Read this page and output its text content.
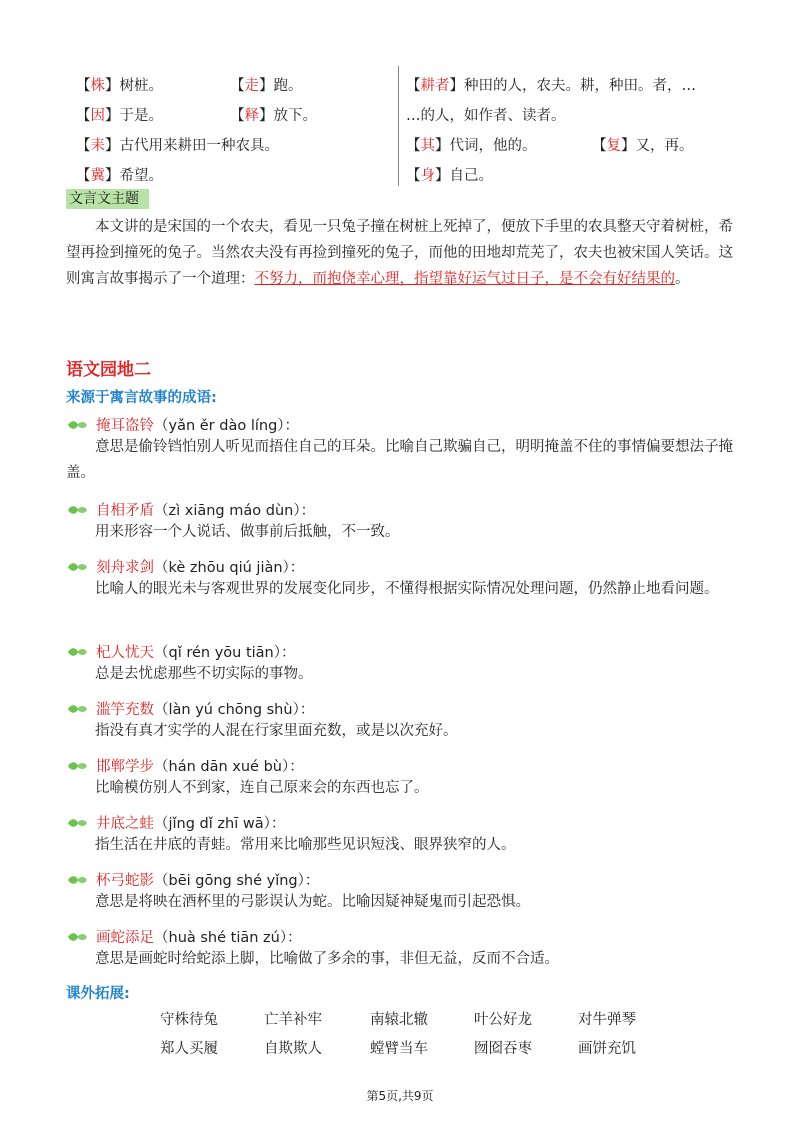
【株】树桩。	【走】跑。
【因】于是。	【释】放下。
【耒】古代用来耕田一种农具。
【冀】希望。
【耕者】种田的人，农夫。耕，种田。者，…
…的人，如作者、读者。
【其】代词，他的。	【复】又，再。
【身】自己。
文言文主题
本文讲的是宋国的一个农夫，看见一只兔子撞在树桩上死掉了，便放下手里的农具整天守着树桩，希望再捡到撞死的兔子。当然农夫没有再捡到撞死的兔子，而他的田地却荒芜了，农夫也被宋国人笑话。这则寓言故事揭示了一个道理：不努力，而抱侥幸心理，指望靠好运气过日子，是不会有好结果的。
语文园地二
来源于寓言故事的成语:
掩耳盗铃 （yǎn ěr dào líng）：
意思是偷铃铛怕别人听见而捂住自己的耳朵。比喻自己欺骗自己，明明掩盖不住的事情偏要想法子掩盖。
自相矛盾 （zì xiāng máo dùn）：
用来形容一个人说话、做事前后抵触，不一致。
刻舟求剑 （kè zhōu qiú jiàn）：
比喻人的眼光未与客观世界的发展变化同步，不懂得根据实际情况处理问题，仍然静止地看问题。
杞人忧天 （qǐ rén yōu tiān）：
总是去忧虑那些不切实际的事物。
滥竽充数 （làn yú chōng shù）：
指没有真才实学的人混在行家里面充数，或是以次充好。
邯郸学步 （hán dān xué bù）：
比喻模仿别人不到家，连自己原来会的东西也忘了。
井底之蛙 （jǐng dǐ zhī wā）：
指生活在井底的青蛙。常用来比喻那些见识短浅、眼界狭窄的人。
杯弓蛇影 （bēi gōng shé yǐng）：
意思是将映在酒杯里的弓影误认为蛇。比喻因疑神疑鬼而引起恐惧。
画蛇添足 （huà shé tiān zú）：
意思是画蛇时给蛇添上脚，比喻做了多余的事，非但无益，反而不合适。
课外拓展:
守株待兔	亡羊补牢	南辕北辙	叶公好龙	对牛弹琴
郑人买履	自欺欺人	螳臂当车	囫囵吞枣	画饼充饥
第5页,共9页
